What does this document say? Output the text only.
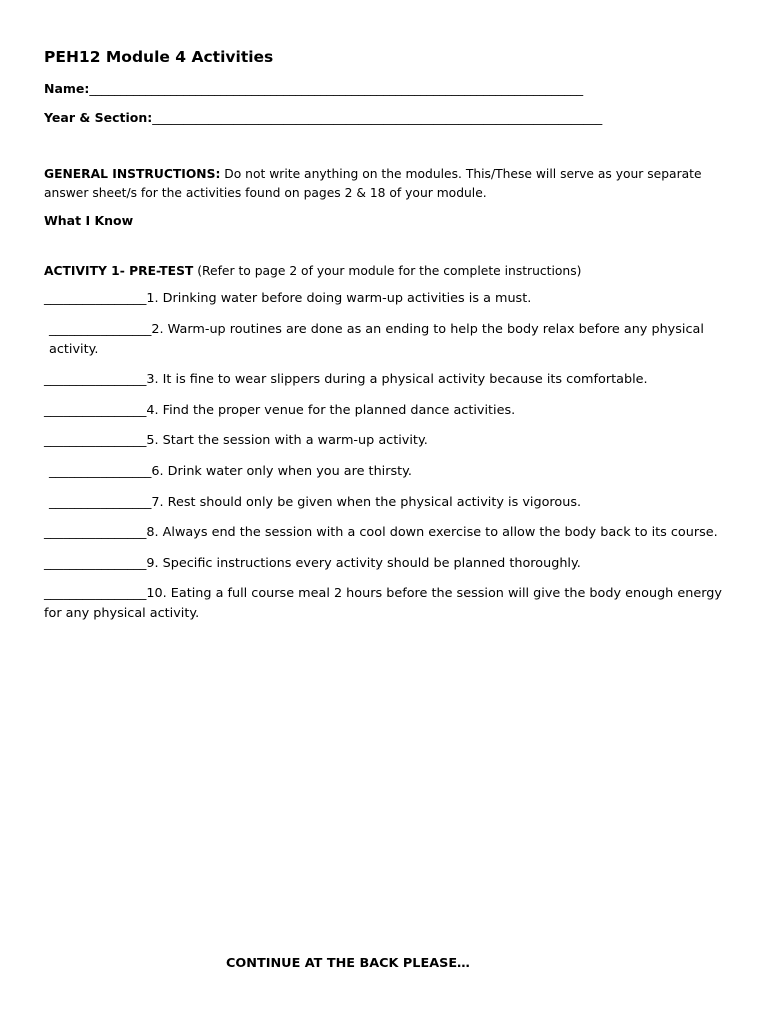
PEH12 Module 4 Activities
Name:_______________________________________________________________________________
Year & Section:________________________________________________________________________
GENERAL INSTRUCTIONS: Do not write anything on the modules. This/These will serve as your separate answer sheet/s for the activities found on pages 2 & 18 of your module.
What I Know
ACTIVITY 1- PRE-TEST (Refer to page 2 of your module for the complete instructions)
________________1. Drinking water before doing warm-up activities is a must.
________________2. Warm-up routines are done as an ending to help the body relax before any physical activity.
________________3. It is fine to wear slippers during a physical activity because its comfortable.
________________4. Find the proper venue for the planned dance activities.
________________5. Start the session with a warm-up activity.
________________6. Drink water only when you are thirsty.
________________7. Rest should only be given when the physical activity is vigorous.
________________8. Always end the session with a cool down exercise to allow the body back to its course.
________________9. Specific instructions every activity should be planned thoroughly.
________________10. Eating a full course meal 2 hours before the session will give the body enough energy for any physical activity.
CONTINUE AT THE BACK PLEASE…
